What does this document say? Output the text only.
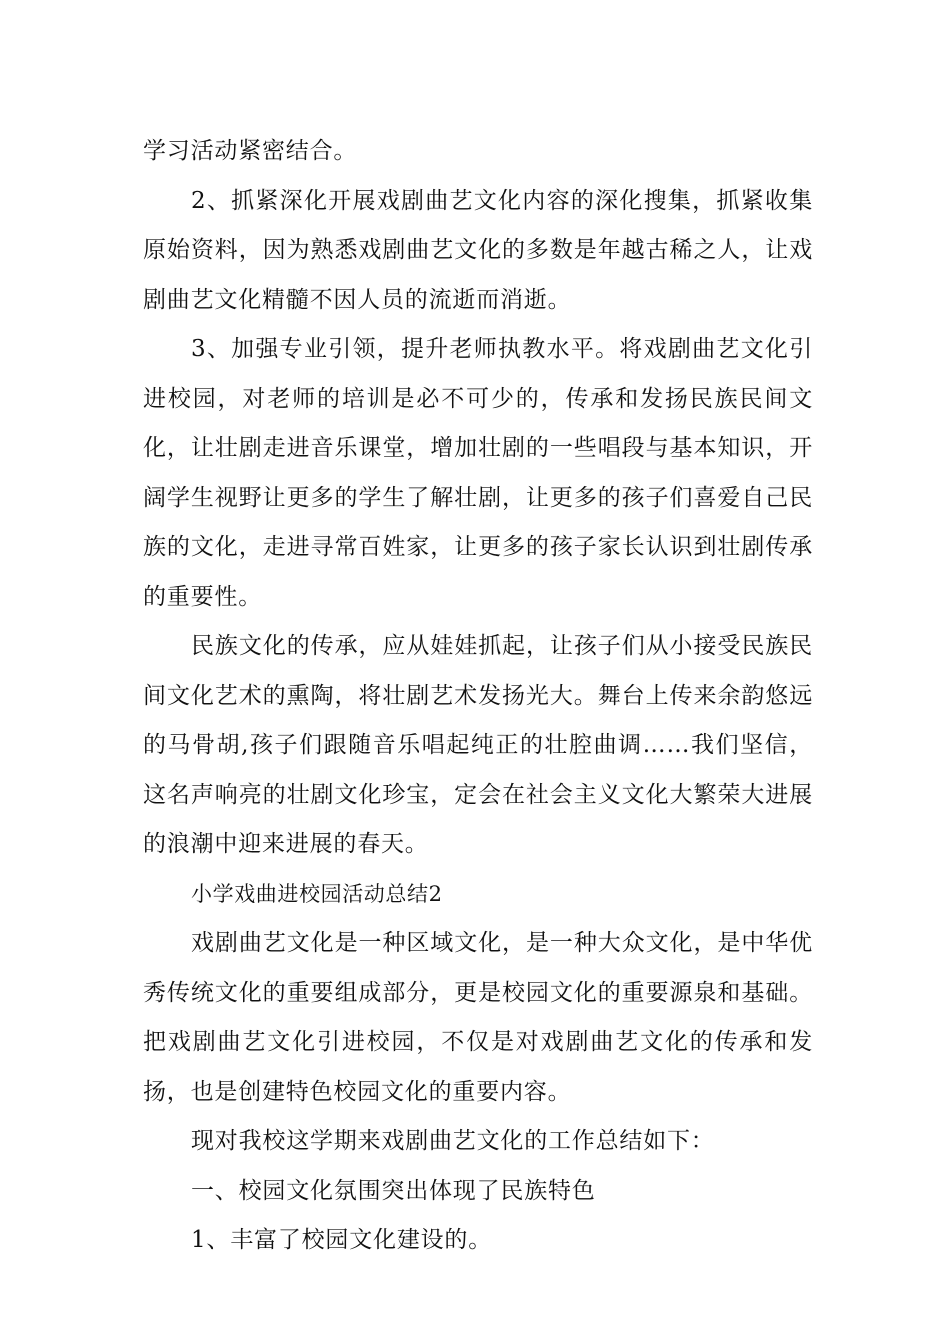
学习活动紧密结合。

2、抓紧深化开展戏剧曲艺文化内容的深化搜集，抓紧收集原始资料，因为熟悉戏剧曲艺文化的多数是年越古稀之人，让戏剧曲艺文化精髓不因人员的流逝而消逝。

3、加强专业引领，提升老师执教水平。将戏剧曲艺文化引进校园，对老师的培训是必不可少的，传承和发扬民族民间文化，让壮剧走进音乐课堂，增加壮剧的一些唱段与基本知识，开阔学生视野让更多的学生了解壮剧，让更多的孩子们喜爱自己民族的文化，走进寻常百姓家，让更多的孩子家长认识到壮剧传承的重要性。

民族文化的传承，应从娃娃抓起，让孩子们从小接受民族民间文化艺术的熏陶，将壮剧艺术发扬光大。舞台上传来余韵悠远的马骨胡,孩子们跟随音乐唱起纯正的壮腔曲调……我们坚信，这名声响亮的壮剧文化珍宝，定会在社会主义文化大繁荣大进展的浪潮中迎来进展的春天。

小学戏曲进校园活动总结2

戏剧曲艺文化是一种区域文化，是一种大众文化，是中华优秀传统文化的重要组成部分，更是校园文化的重要源泉和基础。把戏剧曲艺文化引进校园，不仅是对戏剧曲艺文化的传承和发扬，也是创建特色校园文化的重要内容。

现对我校这学期来戏剧曲艺文化的工作总结如下：

一、校园文化氛围突出体现了民族特色

1、丰富了校园文化建设的。
